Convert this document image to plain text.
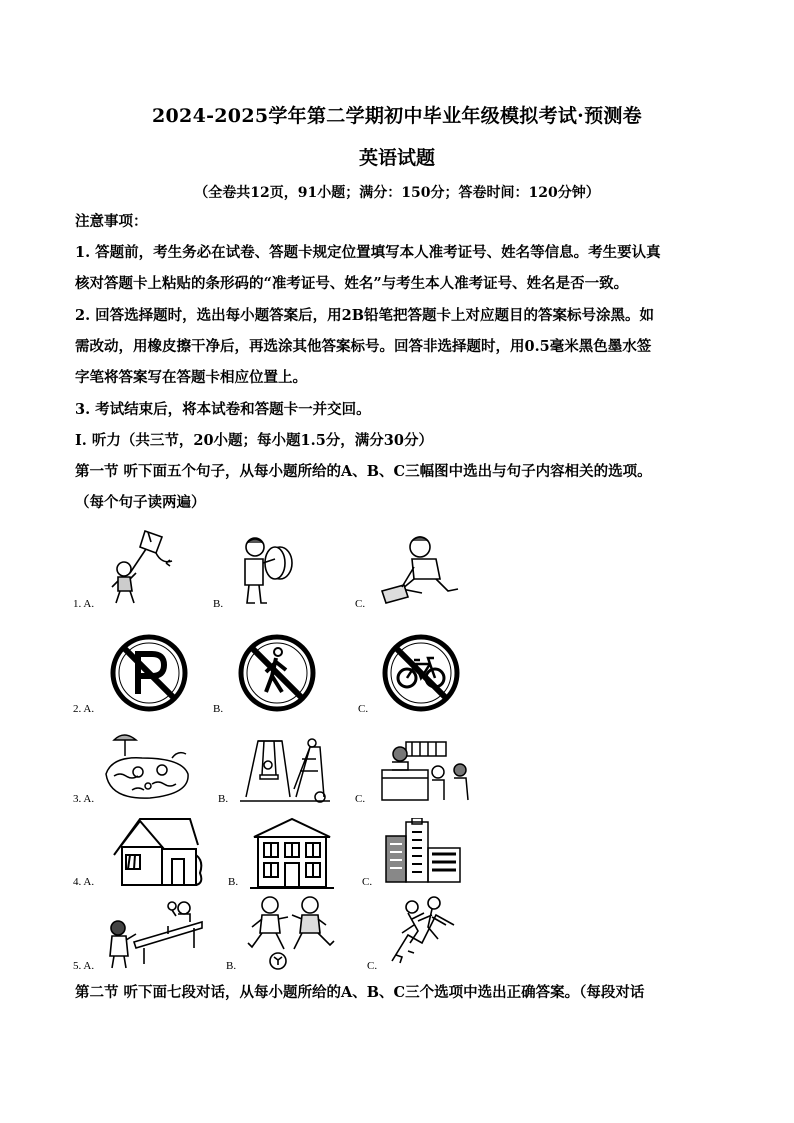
2024-2025学年第二学期初中毕业年级模拟考试·预测卷
英语试题
（全卷共12页，91小题；满分：150分；答卷时间：120分钟）
注意事项：
1. 答题前，考生务必在试卷、答题卡规定位置填写本人准考证号、姓名等信息。考生要认真
核对答题卡上粘贴的条形码的“准考证号、姓名”与考生本人准考证号、姓名是否一致。
2. 回答选择题时，选出每小题答案后，用2B铅笔把答题卡上对应题目的答案标号涂黑。如
需改动，用橡皮擦干净后，再选涂其他答案标号。回答非选择题时，用0.5毫米黑色墨水签
字笔将答案写在答题卡相应位置上。
3. 考试结束后，将本试卷和答题卡一并交回。
Ⅰ. 听力（共三节，20小题；每小题1.5分，满分30分）
第一节 听下面五个句子，从每小题所给的A、B、C三幅图中选出与句子内容相关的选项。
（每个句子读两遍）
1. A.	B.	C.
2. A.	B.	C.
3. A.	B.	C.
4. A.	B.	C.
5. A.	B.	C.
第二节 听下面七段对话，从每小题所给的A、B、C三个选项中选出正确答案。（每段对话
